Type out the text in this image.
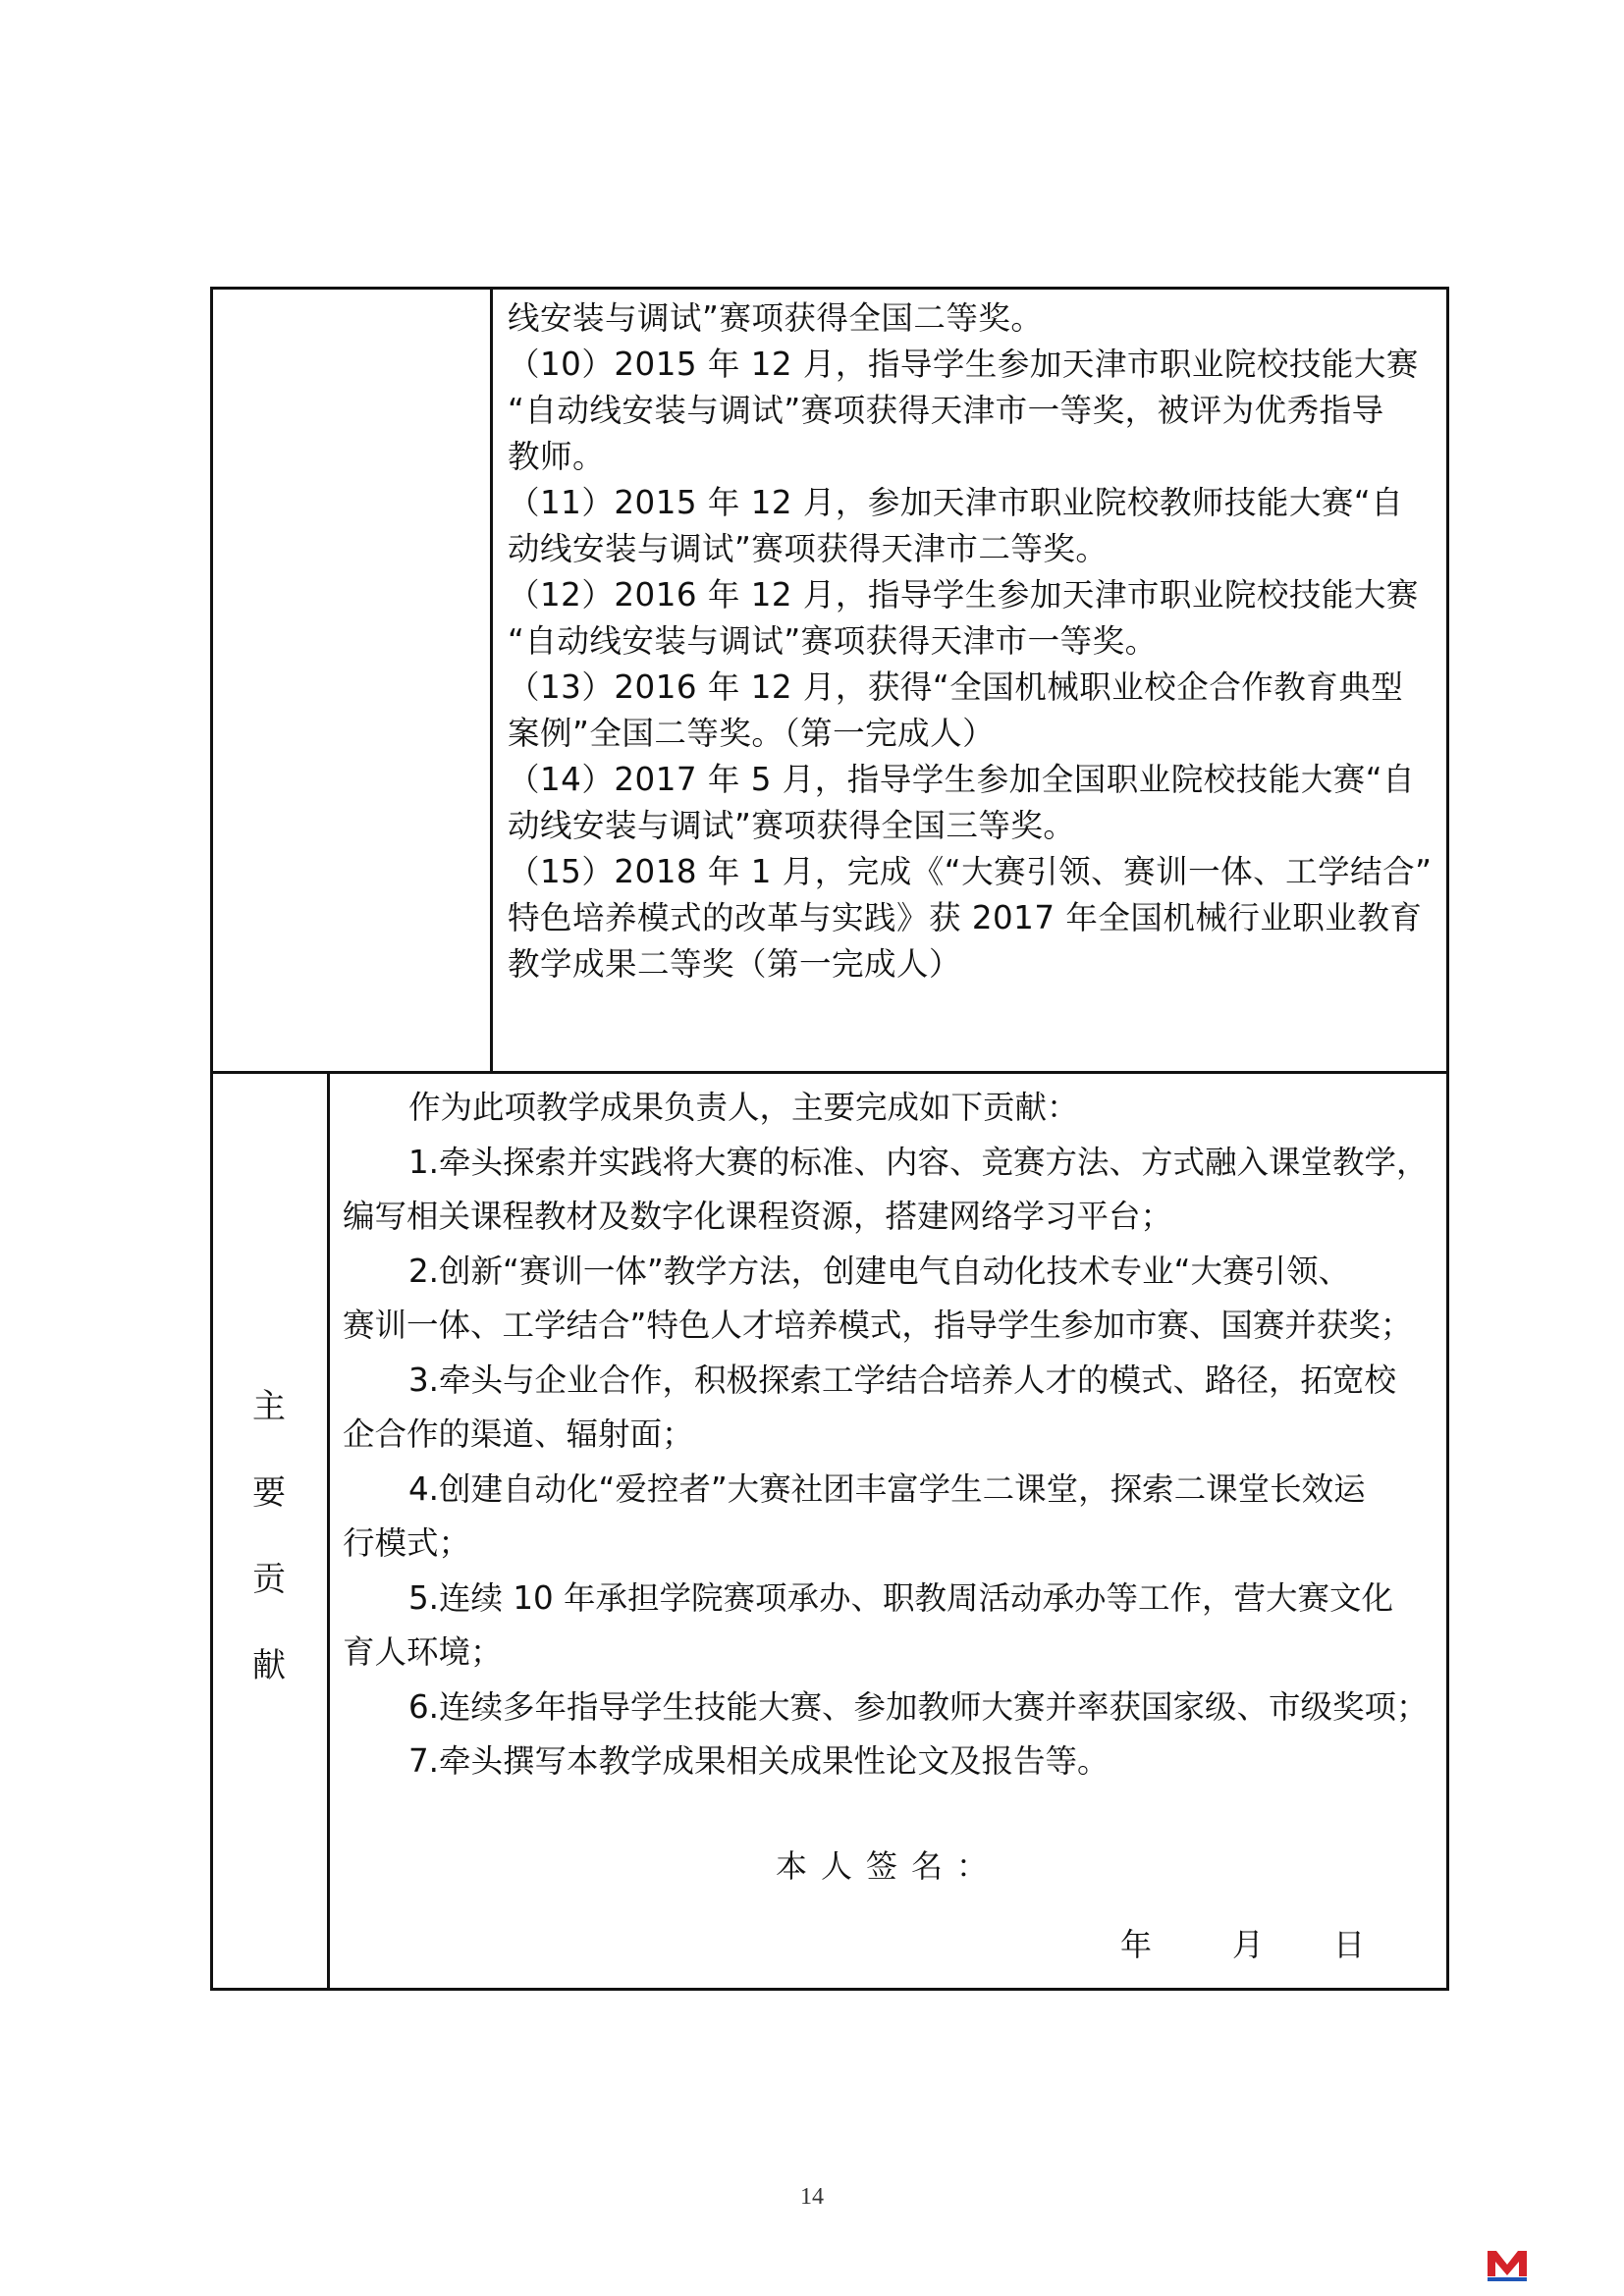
线安装与调试”赛项获得全国二等奖。
（10）2015 年 12 月，指导学生参加天津市职业院校技能大赛
“自动线安装与调试”赛项获得天津市一等奖，被评为优秀指导
教师。
（11）2015 年 12 月，参加天津市职业院校教师技能大赛“自
动线安装与调试”赛项获得天津市二等奖。
（12）2016 年 12 月，指导学生参加天津市职业院校技能大赛
“自动线安装与调试”赛项获得天津市一等奖。
（13）2016 年 12 月，获得“全国机械职业校企合作教育典型
案例”全国二等奖。（第一完成人）
（14）2017 年 5 月，指导学生参加全国职业院校技能大赛“自
动线安装与调试”赛项获得全国三等奖。
（15）2018 年 1 月，完成《“大赛引领、赛训一体、工学结合”
特色培养模式的改革与实践》获 2017 年全国机械行业职业教育
教学成果二等奖（第一完成人）
主
要
贡
献
作为此项教学成果负责人，主要完成如下贡献：
1.牵头探索并实践将大赛的标准、内容、竞赛方法、方式融入课堂教学，
编写相关课程教材及数字化课程资源，搭建网络学习平台；
2.创新“赛训一体”教学方法，创建电气自动化技术专业“大赛引领、
赛训一体、工学结合”特色人才培养模式，指导学生参加市赛、国赛并获奖；
3.牵头与企业合作，积极探索工学结合培养人才的模式、路径，拓宽校
企合作的渠道、辐射面；
4.创建自动化“爱控者”大赛社团丰富学生二课堂，探索二课堂长效运
行模式；
5.连续 10 年承担学院赛项承办、职教周活动承办等工作，营大赛文化
育人环境；
6.连续多年指导学生技能大赛、参加教师大赛并率获国家级、市级奖项；
7.牵头撰写本教学成果相关成果性论文及报告等。
本人签名：
年	月 日
14
